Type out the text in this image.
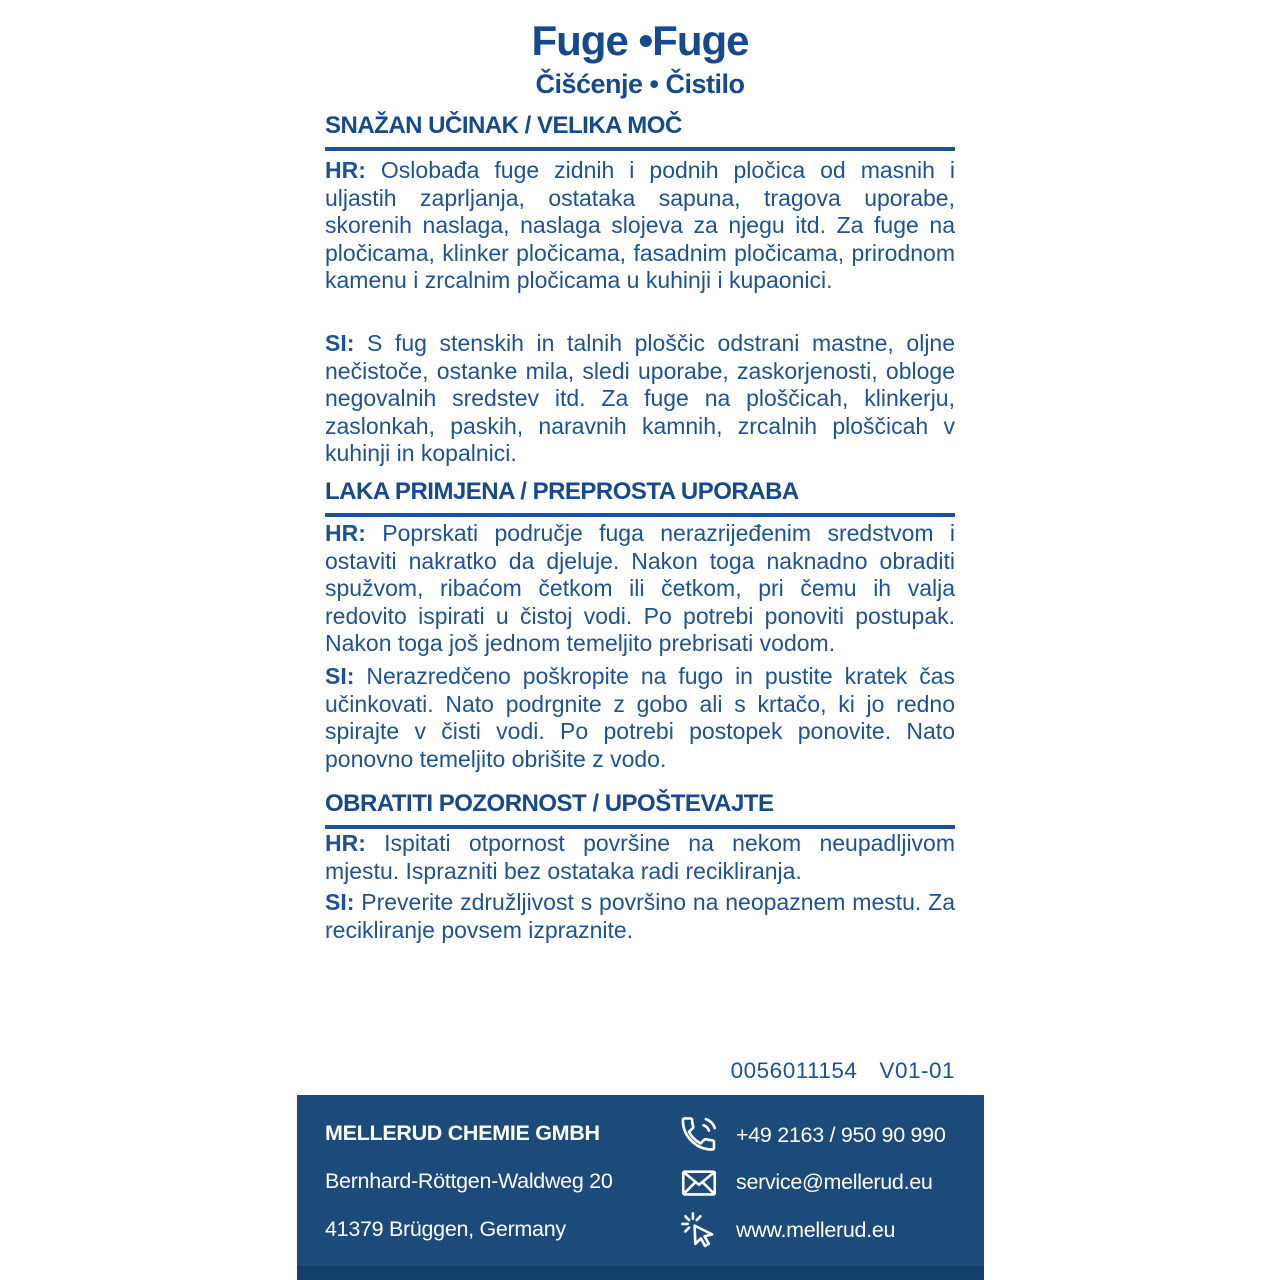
Fuge •Fuge
Čišćenje • Čistilo
SNAŽAN UČINAK / VELIKA MOČ

HR: Oslobađa fuge zidnih i podnih pločica od masnih i uljastih zaprljanja, ostataka sapuna, tragova uporabe, skorenih naslaga, naslaga slojeva za njegu itd. Za fuge na pločicama, klinker pločicama, fasadnim pločicama, prirodnom kamenu i zrcalnim pločicama u kuhinji i kupaonici.

SI: S fug stenskih in talnih ploščic odstrani mastne, oljne nečistoče, ostanke mila, sledi uporabe, zaskorjenosti, obloge negovalnih sredstev itd. Za fuge na ploščicah, klinkerju, zaslonkah, paskih, naravnih kamnih, zrcalnih ploščicah v kuhinji in kopalnici.

LAKA PRIMJENA / PREPROSTA UPORABA

HR: Poprskati područje fuga nerazrijeđenim sredstvom i ostaviti nakratko da djeluje. Nakon toga naknadno obraditi spužvom, ribaćom četkom ili četkom, pri čemu ih valja redovito ispirati u čistoj vodi. Po potrebi ponoviti postupak. Nakon toga još jednom temeljito prebrisati vodom.

SI: Nerazredčeno poškropite na fugo in pustite kratek čas učinkovati. Nato podrgnite z gobo ali s krtačo, ki jo redno spirajte v čisti vodi. Po potrebi postopek ponovite. Nato ponovno temeljito obrišite z vodo.

OBRATITI POZORNOST / UPOŠTEVAJTE

HR: Ispitati otpornost površine na nekom neupadljivom mjestu. Isprazniti bez ostataka radi recikliranja.

SI: Preverite združljivost s površino na neopaznem mestu. Za recikliranje povsem izpraznite.

0056011154 V01-01
MELLERUD CHEMIE GMBH
Bernhard-Röttgen-Waldweg 20
41379 Brüggen, Germany
+49 2163 / 950 90 990
service@mellerud.eu
www.mellerud.eu
